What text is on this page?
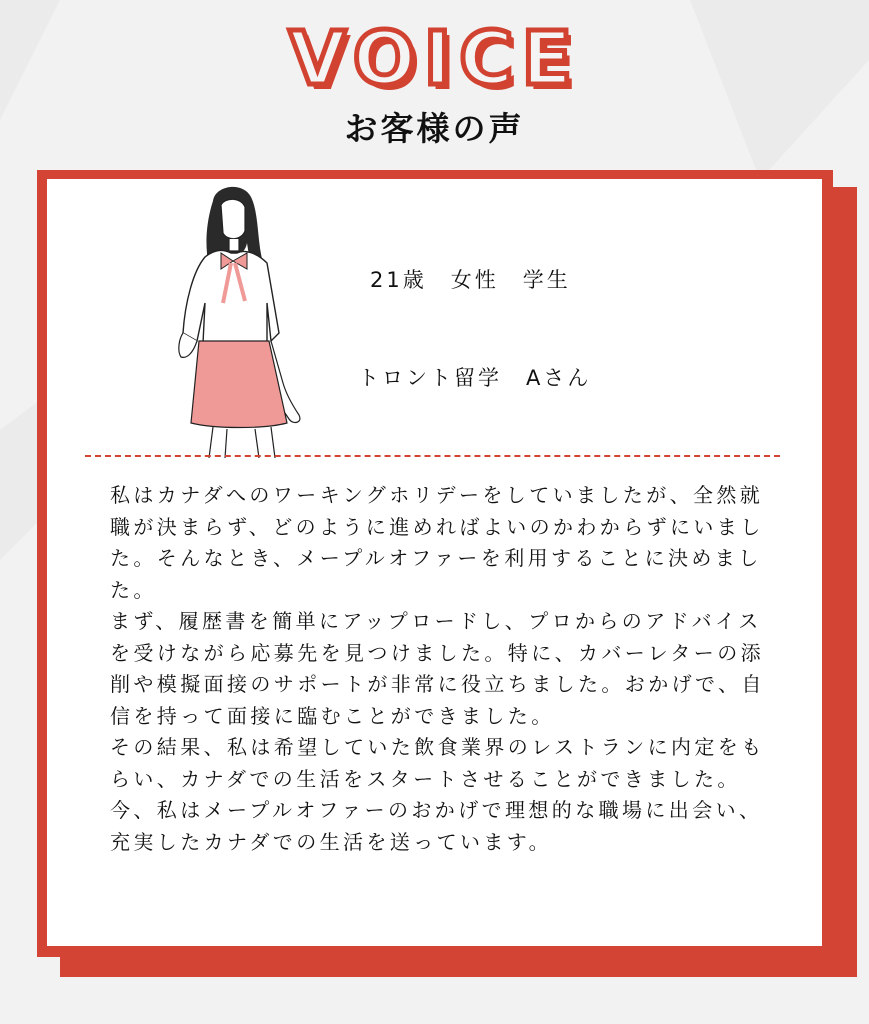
VOICE
お客様の声
21歳　女性　学生
トロント留学　Aさん

私はカナダへのワーキングホリデーをしていましたが、全然就職が決まらず、どのように進めればよいのかわからずにいました。そんなとき、メープルオファーを利用することに決めました。

まず、履歴書を簡単にアップロードし、プロからのアドバイスを受けながら応募先を見つけました。特に、カバーレターの添削や模擬面接のサポートが非常に役立ちました。おかげで、自信を持って面接に臨むことができました。

その結果、私は希望していた飲食業界のレストランに内定をもらい、カナダでの生活をスタートさせることができました。

今、私はメープルオファーのおかげで理想的な職場に出会い、充実したカナダでの生活を送っています。
